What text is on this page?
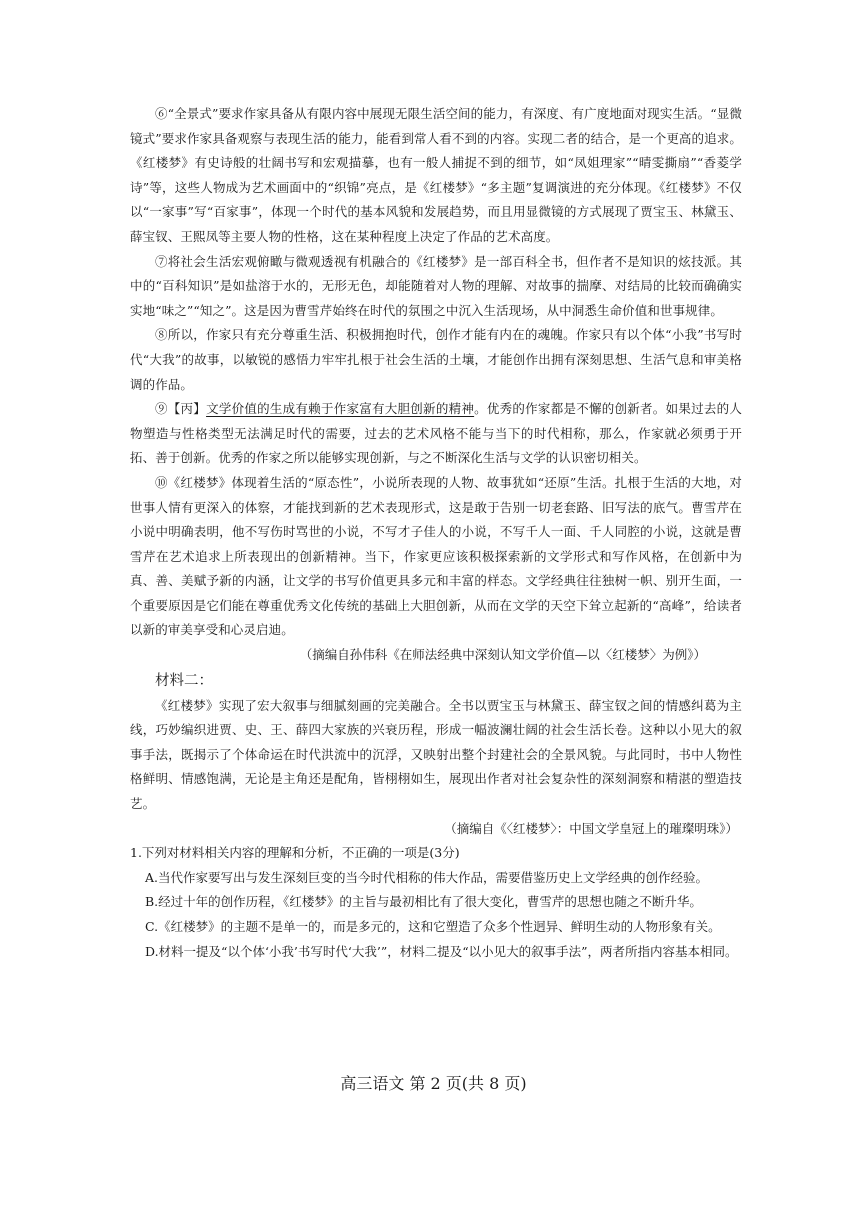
⑥“全景式”要求作家具备从有限内容中展现无限生活空间的能力，有深度、有广度地面对现实生活。“显微镜式”要求作家具备观察与表现生活的能力，能看到常人看不到的内容。实现二者的结合，是一个更高的追求。《红楼梦》有史诗般的壮阔书写和宏观描摹，也有一般人捕捉不到的细节，如“凤姐理家”“晴雯撕扇”“香菱学诗”等，这些人物成为艺术画面中的“织锦”亮点，是《红楼梦》“多主题”复调演进的充分体现。《红楼梦》不仅以“一家事”写“百家事”，体现一个时代的基本风貌和发展趋势，而且用显微镜的方式展现了贾宝玉、林黛玉、薛宝钗、王熙凤等主要人物的性格，这在某种程度上决定了作品的艺术高度。

⑦将社会生活宏观俯瞰与微观透视有机融合的《红楼梦》是一部百科全书，但作者不是知识的炫技派。其中的“百科知识”是如盐溶于水的，无形无色，却能随着对人物的理解、对故事的揣摩、对结局的比较而确确实实地“味之”“知之”。这是因为曹雪芹始终在时代的氛围之中沉入生活现场，从中洞悉生命价值和世事规律。

⑧所以，作家只有充分尊重生活、积极拥抱时代，创作才能有内在的魂魄。作家只有以个体“小我”书写时代“大我”的故事，以敏锐的感悟力牢牢扎根于社会生活的土壤，才能创作出拥有深刻思想、生活气息和审美格调的作品。

⑨【丙】文学价值的生成有赖于作家富有大胆创新的精神。优秀的作家都是不懈的创新者。如果过去的人物塑造与性格类型无法满足时代的需要，过去的艺术风格不能与当下的时代相称，那么，作家就必须勇于开拓、善于创新。优秀的作家之所以能够实现创新，与之不断深化生活与文学的认识密切相关。

⑩《红楼梦》体现着生活的“原态性”，小说所表现的人物、故事犹如“还原”生活。扎根于生活的大地，对世事人情有更深入的体察，才能找到新的艺术表现形式，这是敢于告别一切老套路、旧写法的底气。曹雪芹在小说中明确表明，他不写伤时骂世的小说，不写才子佳人的小说，不写千人一面、千人同腔的小说，这就是曹雪芹在艺术追求上所表现出的创新精神。当下，作家更应该积极探索新的文学形式和写作风格，在创新中为真、善、美赋予新的内涵，让文学的书写价值更具多元和丰富的样态。文学经典往往独树一帜、别开生面，一个重要原因是它们能在尊重优秀文化传统的基础上大胆创新，从而在文学的天空下耸立起新的“高峰”，给读者以新的审美享受和心灵启迪。

（摘编自孙伟科《在师法经典中深刻认知文学价值—以〈红楼梦〉为例》）

材料二：

《红楼梦》实现了宏大叙事与细腻刻画的完美融合。全书以贾宝玉与林黛玉、薛宝钗之间的情感纠葛为主线，巧妙编织进贾、史、王、薛四大家族的兴衰历程，形成一幅波澜壮阔的社会生活长卷。这种以小见大的叙事手法，既揭示了个体命运在时代洪流中的沉浮，又映射出整个封建社会的全景风貌。与此同时，书中人物性格鲜明、情感饱满，无论是主角还是配角，皆栩栩如生，展现出作者对社会复杂性的深刻洞察和精湛的塑造技艺。

（摘编自《〈红楼梦〉：中国文学皇冠上的璀璨明珠》）

1.下列对材料相关内容的理解和分析，不正确的一项是(3分)

A.当代作家要写出与发生深刻巨变的当今时代相称的伟大作品，需要借鉴历史上文学经典的创作经验。

B.经过十年的创作历程，《红楼梦》的主旨与最初相比有了很大变化，曹雪芹的思想也随之不断升华。

C.《红楼梦》的主题不是单一的，而是多元的，这和它塑造了众多个性迥异、鲜明生动的人物形象有关。

D.材料一提及“以个体‘小我’书写时代‘大我’”，材料二提及“以小见大的叙事手法”，两者所指内容基本相同。

高三语文 第 2 页(共 8 页)
